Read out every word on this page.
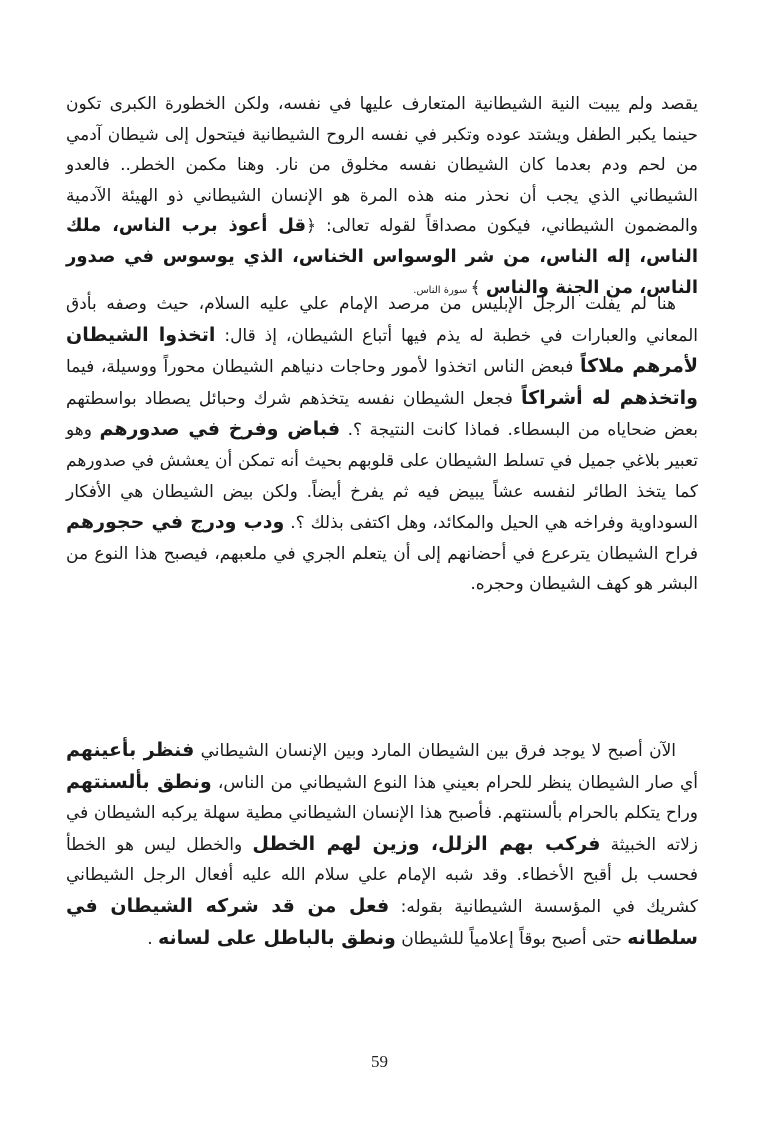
يقصد ولم يبيت النية الشيطانية المتعارف عليها في نفسه، ولكن الخطورة الكبرى تكون حينما يكبر الطفل ويشتد عوده وتكبر في نفسه الروح الشيطانية فيتحول إلى شيطان آدمي من لحم ودم بعدما كان الشيطان نفسه مخلوق من نار. وهنا مكمن الخطر.. فالعدو الشيطاني الذي يجب أن نحذر منه هذه المرة هو الإنسان الشيطاني ذو الهيئة الآدمية والمضمون الشيطاني، فيكون مصداقاً لقوله تعالى: ﴿قل أعوذ برب الناس، ملك الناس، إله الناس، من شر الوسواس الخناس، الذي يوسوس في صدور الناس، من الجنة والناس ﴾ سورة الناس.

هنا لم يفلت الرجل الإبليس من مرصد الإمام علي عليه السلام، حيث وصفه بأدق المعاني والعبارات في خطبة له يذم فيها أتباع الشيطان، إذ قال: اتخذوا الشيطان لأمرهم ملاكاً فبعض الناس اتخذوا لأمور وحاجات دنياهم الشيطان محوراً ووسيلة، فيما واتخذهم له أشراكاً فجعل الشيطان نفسه يتخذهم شرك وحبائل يصطاد بواسطتهم بعض ضحاياه من البسطاء. فماذا كانت النتيجة ؟. فباض وفرخ في صدورهم وهو تعبير بلاغي جميل في تسلط الشيطان على قلوبهم بحيث أنه تمكن أن يعشش في صدورهم كما يتخذ الطائر لنفسه عشاً يبيض فيه ثم يفرخ أيضاً. ولكن بيض الشيطان هي الأفكار السوداوية وفراخه هي الحيل والمكائد، وهل اكتفى بذلك ؟. ودب ودرج في حجورهم فراح الشيطان يترعرع في أحضانهم إلى أن يتعلم الجري في ملعبهم، فيصبح هذا النوع من البشر هو كهف الشيطان وحجره.

الآن أصبح لا يوجد فرق بين الشيطان المارد وبين الإنسان الشيطاني فنظر بأعينهم أي صار الشيطان ينظر للحرام بعيني هذا النوع الشيطاني من الناس، ونطق بألسنتهم وراح يتكلم بالحرام بألسنتهم. فأصبح هذا الإنسان الشيطاني مطية سهلة يركبه الشيطان في زلاته الخبيثة فركب بهم الزلل، وزين لهم الخطل والخطل ليس هو الخطأ فحسب بل أقبح الأخطاء. وقد شبه الإمام علي سلام الله عليه أفعال الرجل الشيطاني كشريك في المؤسسة الشيطانية بقوله: فعل من قد شركه الشيطان في سلطانه حتى أصبح بوقاً إعلامياً للشيطان ونطق بالباطل على لسانه .

59
